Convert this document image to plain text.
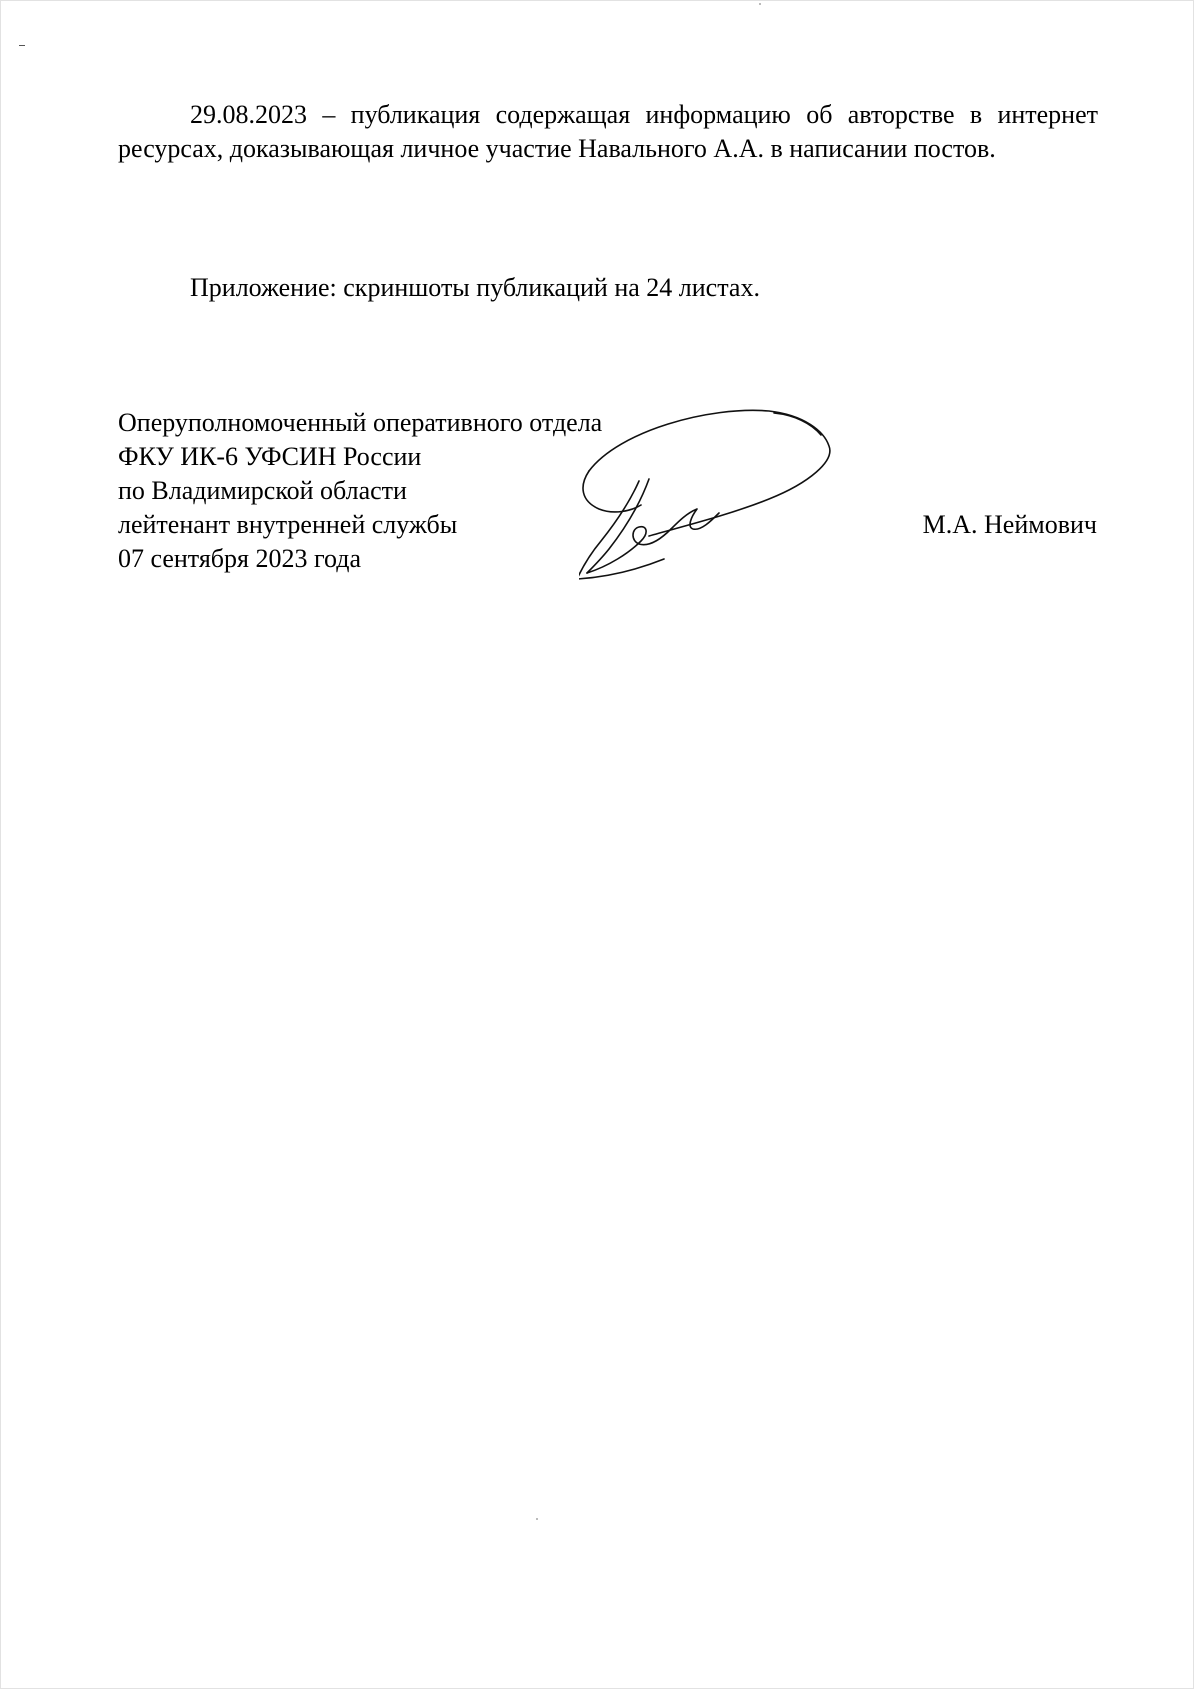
29.08.2023 – публикация содержащая информацию об авторстве в интернет ресурсах, доказывающая личное участие Навального А.А. в написании постов.

Приложение: скриншоты публикаций на 24 листах.

Оперуполномоченный оперативного отдела
ФКУ ИК-6 УФСИН России
по Владимирской области
лейтенант внутренней службы
07 сентября 2023 года
М.А. Неймович
